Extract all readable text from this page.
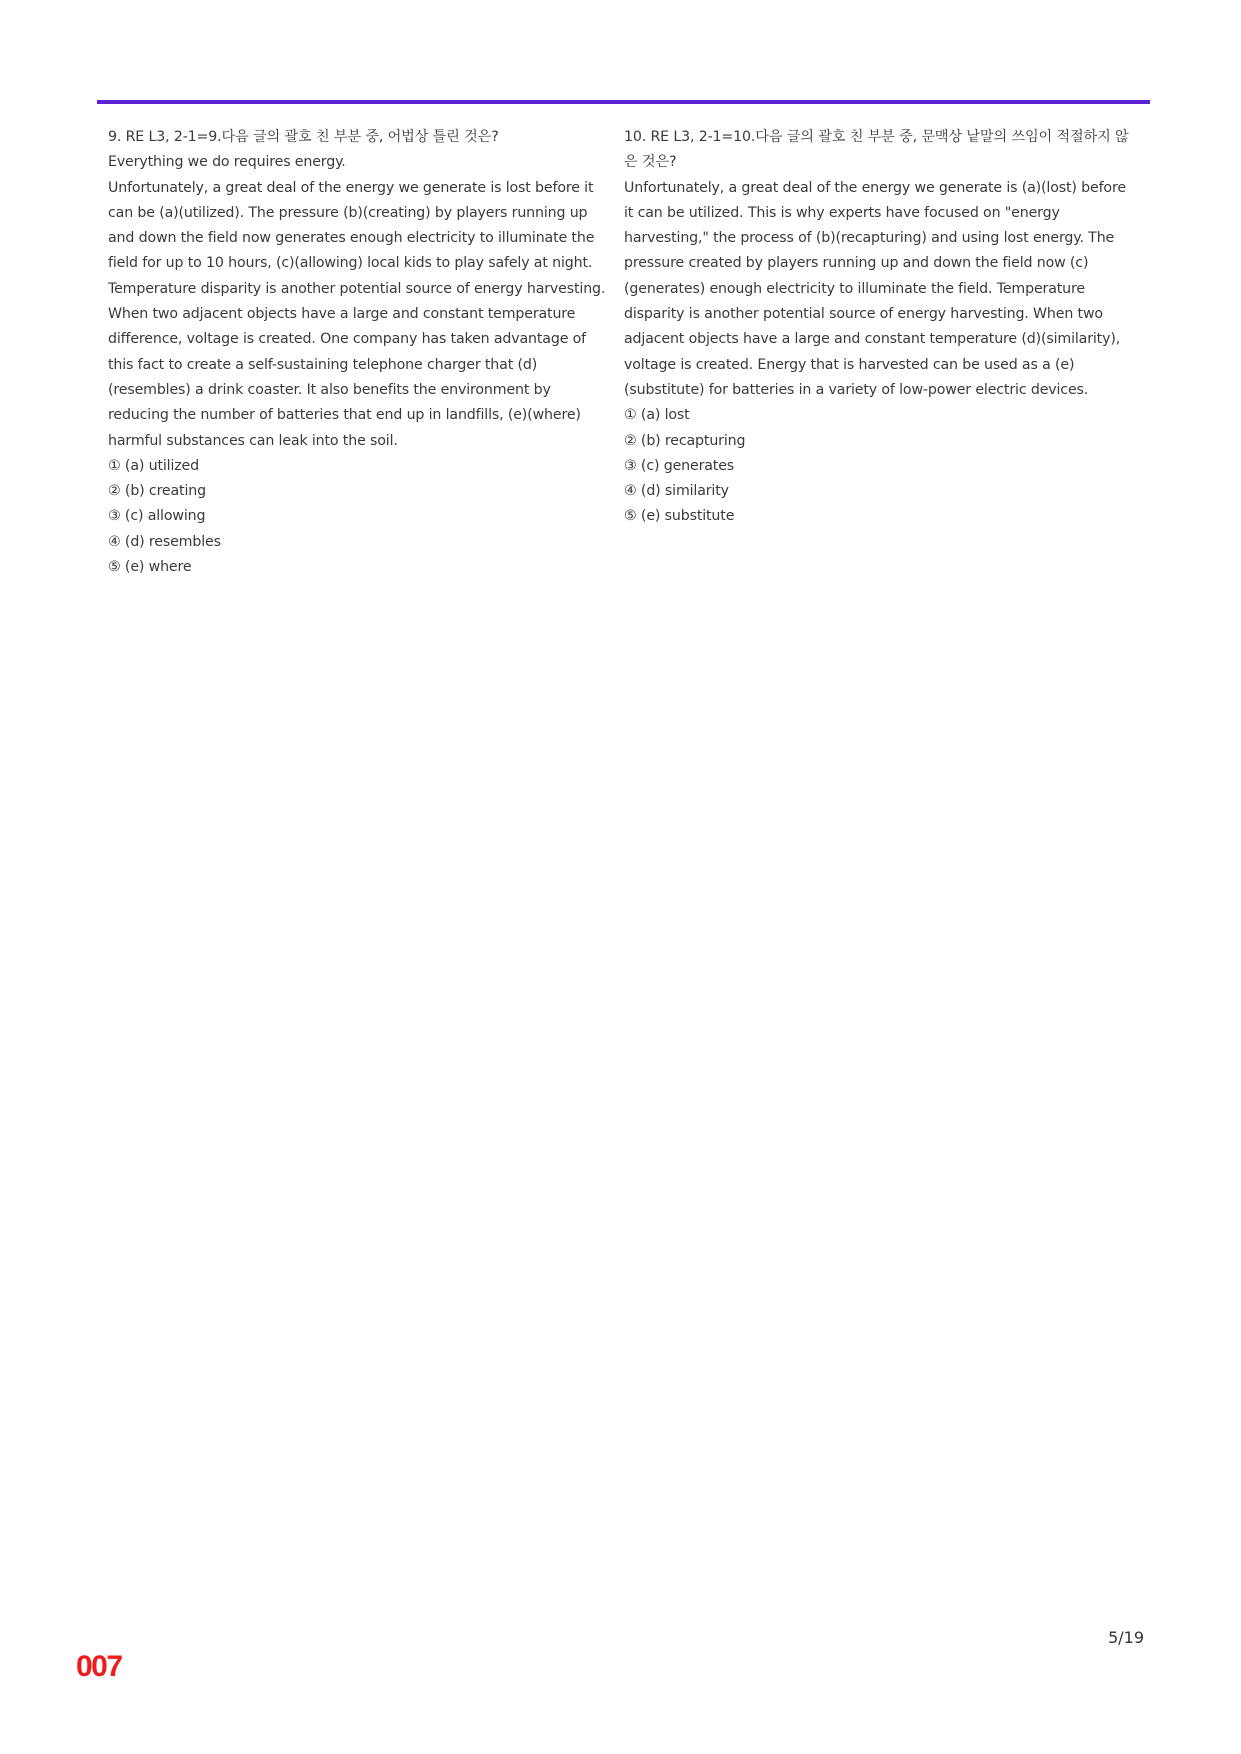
9. RE L3, 2-1=9.다음 글의 괄호 친 부분 중, 어법상 틀린 것은?

Everything we do requires energy.

Unfortunately, a great deal of the energy we generate is lost before it can be (a)(utilized). The pressure (b)(creating) by players running up and down the field now generates enough electricity to illuminate the field for up to 10 hours, (c)(allowing) local kids to play safely at night. Temperature disparity is another potential source of energy harvesting. When two adjacent objects have a large and constant temperature difference, voltage is created. One company has taken advantage of this fact to create a self-sustaining telephone charger that (d)(resembles) a drink coaster. It also benefits the environment by reducing the number of batteries that end up in landfills, (e)(where) harmful substances can leak into the soil.

① (a) utilized
② (b) creating
③ (c) allowing
④ (d) resembles
⑤ (e) where

10. RE L3, 2-1=10.다음 글의 괄호 친 부분 중, 문맥상 낱말의 쓰임이 적절하지 않은 것은?

Unfortunately, a great deal of the energy we generate is (a)(lost) before it can be utilized. This is why experts have focused on "energy harvesting," the process of (b)(recapturing) and using lost energy. The pressure created by players running up and down the field now (c)(generates) enough electricity to illuminate the field. Temperature disparity is another potential source of energy harvesting. When two adjacent objects have a large and constant temperature (d)(similarity), voltage is created. Energy that is harvested can be used as a (e)(substitute) for batteries in a variety of low-power electric devices.

① (a) lost
② (b) recapturing
③ (c) generates
④ (d) similarity
⑤ (e) substitute
5/19
007
